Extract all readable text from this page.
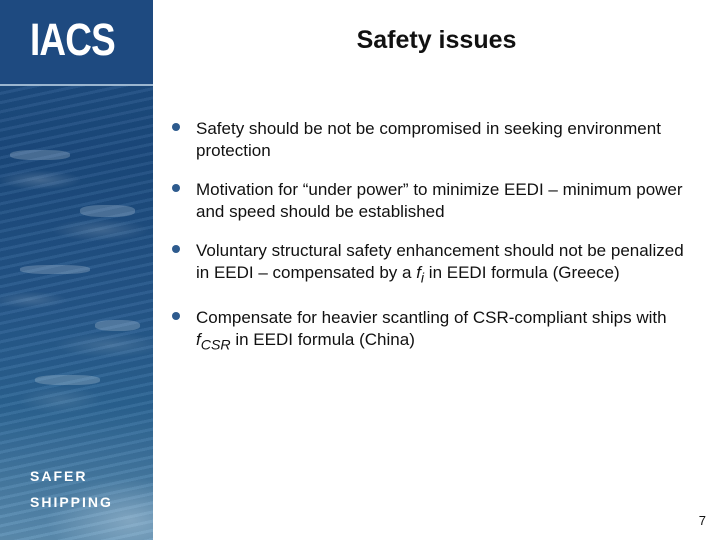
IACS
SAFER
SHIPPING
Safety issues

Safety should be not be compromised in seeking environment protection

Motivation for “under power” to minimize EEDI – minimum power and speed should be established

Voluntary structural safety enhancement should not be penalized in EEDI – compensated by a $f_i$ in EEDI formula (Greece)

Compensate for heavier scantling of CSR-compliant ships with $f_{CSR}$ in EEDI formula (China)

7
